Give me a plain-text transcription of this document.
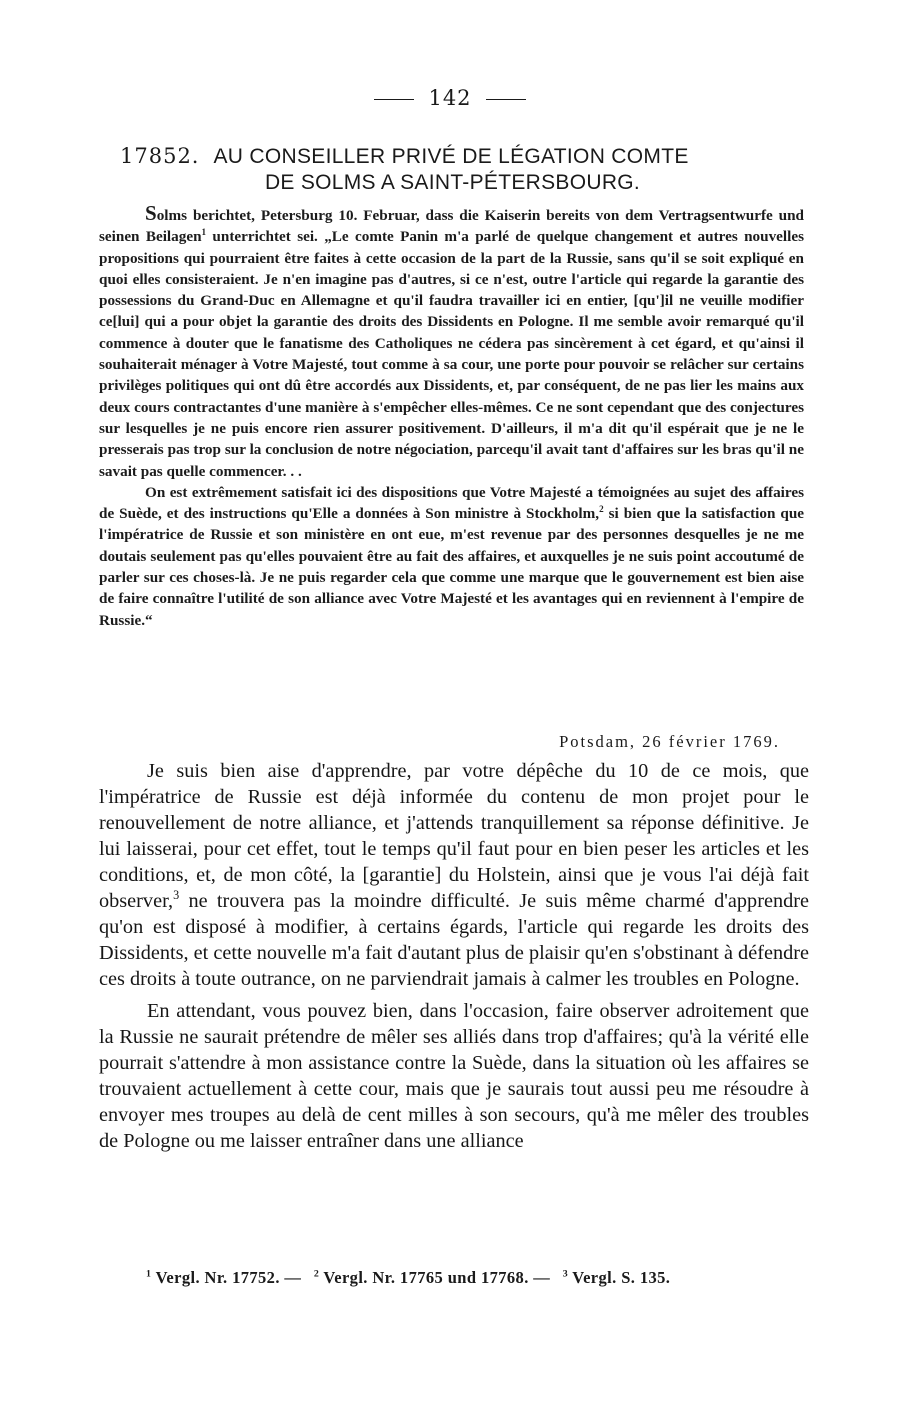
142
17852. AU CONSEILLER PRIVÉ DE LÉGATION COMTE
DE SOLMS A SAINT-PÉTERSBOURG.

Solms berichtet, Petersburg 10. Februar, dass die Kaiserin bereits von dem Vertragsentwurfe und seinen Beilagen$^1$ unterrichtet sei. „Le comte Panin m'a parlé de quelque changement et autres nouvelles propositions qui pourraient être faites à cette occasion de la part de la Russie, sans qu'il se soit expliqué en quoi elles consisteraient. Je n'en imagine pas d'autres, si ce n'est, outre l'article qui regarde la garantie des possessions du Grand-Duc en Allemagne et qu'il faudra travailler ici en entier, [qu']il ne veuille modifier ce[lui] qui a pour objet la garantie des droits des Dissidents en Pologne. Il me semble avoir remarqué qu'il commence à douter que le fanatisme des Catholiques ne cédera pas sincèrement à cet égard, et qu'ainsi il souhaiterait ménager à Votre Majesté, tout comme à sa cour, une porte pour pouvoir se relâcher sur certains privilèges politiques qui ont dû être accordés aux Dissidents, et, par conséquent, de ne pas lier les mains aux deux cours contractantes d'une manière à s'empêcher elles-mêmes. Ce ne sont cependant que des conjectures sur lesquelles je ne puis encore rien assurer positivement. D'ailleurs, il m'a dit qu'il espérait que je ne le presserais pas trop sur la conclusion de notre négociation, parcequ'il avait tant d'affaires sur les bras qu'il ne savait pas quelle commencer. . .

On est extrêmement satisfait ici des dispositions que Votre Majesté a témoignées au sujet des affaires de Suède, et des instructions qu'Elle a données à Son ministre à Stockholm,$^2$ si bien que la satisfaction que l'impératrice de Russie et son ministère en ont eue, m'est revenue par des personnes desquelles je ne me doutais seulement pas qu'elles pouvaient être au fait des affaires, et auxquelles je ne suis point accoutumé de parler sur ces choses-là. Je ne puis regarder cela que comme une marque que le gouvernement est bien aise de faire connaître l'utilité de son alliance avec Votre Majesté et les avantages qui en reviennent à l'empire de Russie.“

Potsdam, 26 février 1769.

Je suis bien aise d'apprendre, par votre dépêche du 10 de ce mois, que l'impératrice de Russie est déjà informée du contenu de mon projet pour le renouvellement de notre alliance, et j'attends tranquillement sa réponse définitive. Je lui laisserai, pour cet effet, tout le temps qu'il faut pour en bien peser les articles et les conditions, et, de mon côté, la [garantie] du Holstein, ainsi que je vous l'ai déjà fait observer,$^3$ ne trouvera pas la moindre difficulté. Je suis même charmé d'apprendre qu'on est disposé à modifier, à certains égards, l'article qui regarde les droits des Dissidents, et cette nouvelle m'a fait d'autant plus de plaisir qu'en s'obstinant à défendre ces droits à toute outrance, on ne parviendrait jamais à calmer les troubles en Pologne.

En attendant, vous pouvez bien, dans l'occasion, faire observer adroitement que la Russie ne saurait prétendre de mêler ses alliés dans trop d'affaires; qu'à la vérité elle pourrait s'attendre à mon assistance contre la Suède, dans la situation où les affaires se trouvaient actuellement à cette cour, mais que je saurais tout aussi peu me résoudre à envoyer mes troupes au delà de cent milles à son secours, qu'à me mêler des troubles de Pologne ou me laisser entraîner dans une alliance

$^1$ Vergl. Nr. 17752. — $^2$ Vergl. Nr. 17765 und 17768. — $^3$ Vergl. S. 135.
